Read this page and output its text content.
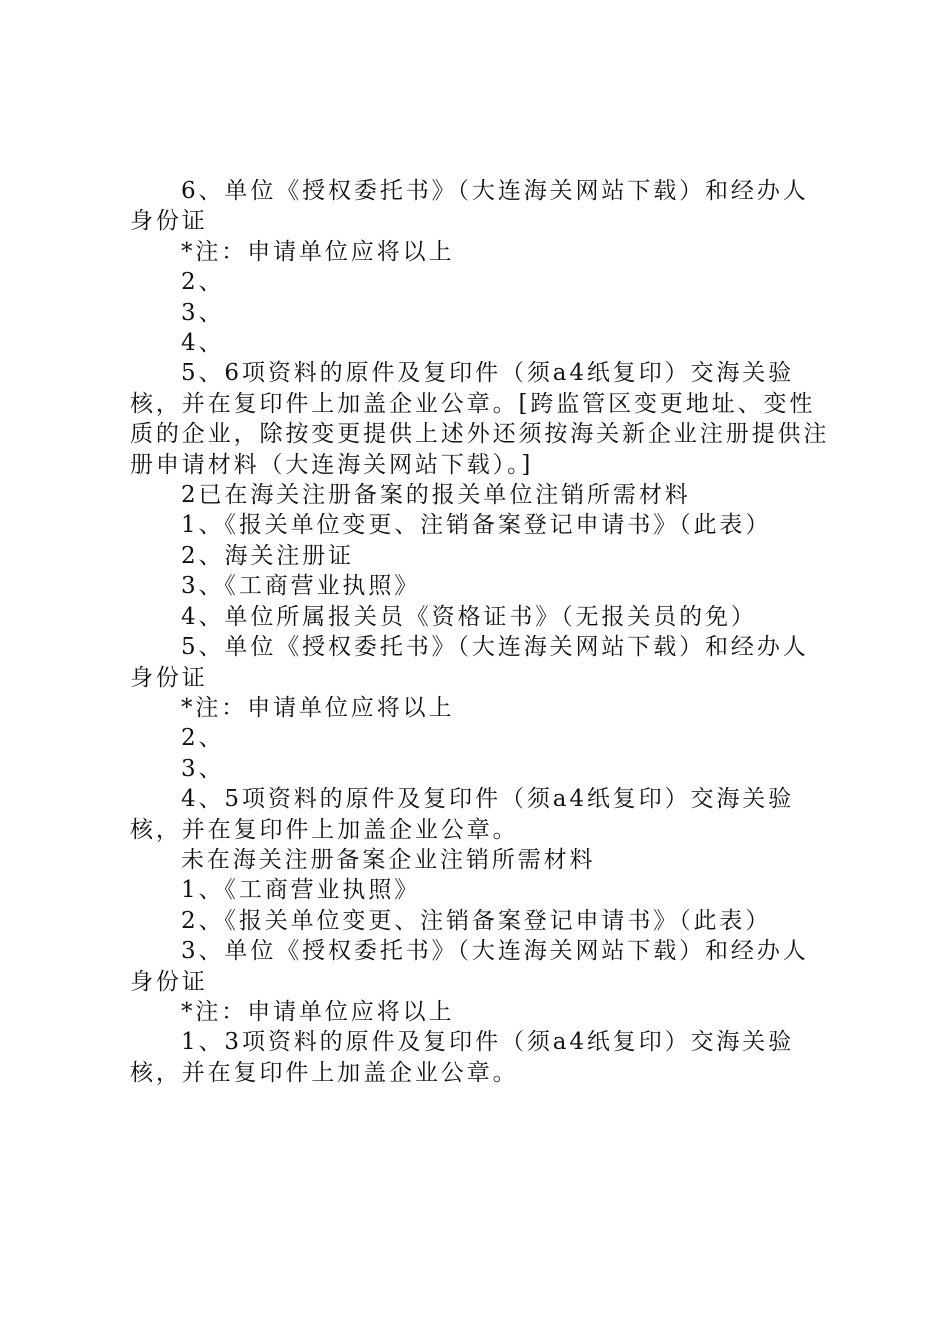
6、单位《授权委托书》（大连海关网站下载）和经办人身份证

*注：申请单位应将以上

2、

3、

4、

5、6项资料的原件及复印件（须a4纸复印）交海关验核，并在复印件上加盖企业公章。[跨监管区变更地址、变性质的企业，除按变更提供上述外还须按海关新企业注册提供注册申请材料（大连海关网站下载）。]

2已在海关注册备案的报关单位注销所需材料

1、《报关单位变更、注销备案登记申请书》（此表）

2、海关注册证

3、《工商营业执照》

4、单位所属报关员《资格证书》（无报关员的免）

5、单位《授权委托书》（大连海关网站下载）和经办人身份证

*注：申请单位应将以上

2、

3、

4、5项资料的原件及复印件（须a4纸复印）交海关验核，并在复印件上加盖企业公章。

未在海关注册备案企业注销所需材料

1、《工商营业执照》

2、《报关单位变更、注销备案登记申请书》（此表）

3、单位《授权委托书》（大连海关网站下载）和经办人身份证

*注：申请单位应将以上

1、3项资料的原件及复印件（须a4纸复印）交海关验核，并在复印件上加盖企业公章。
